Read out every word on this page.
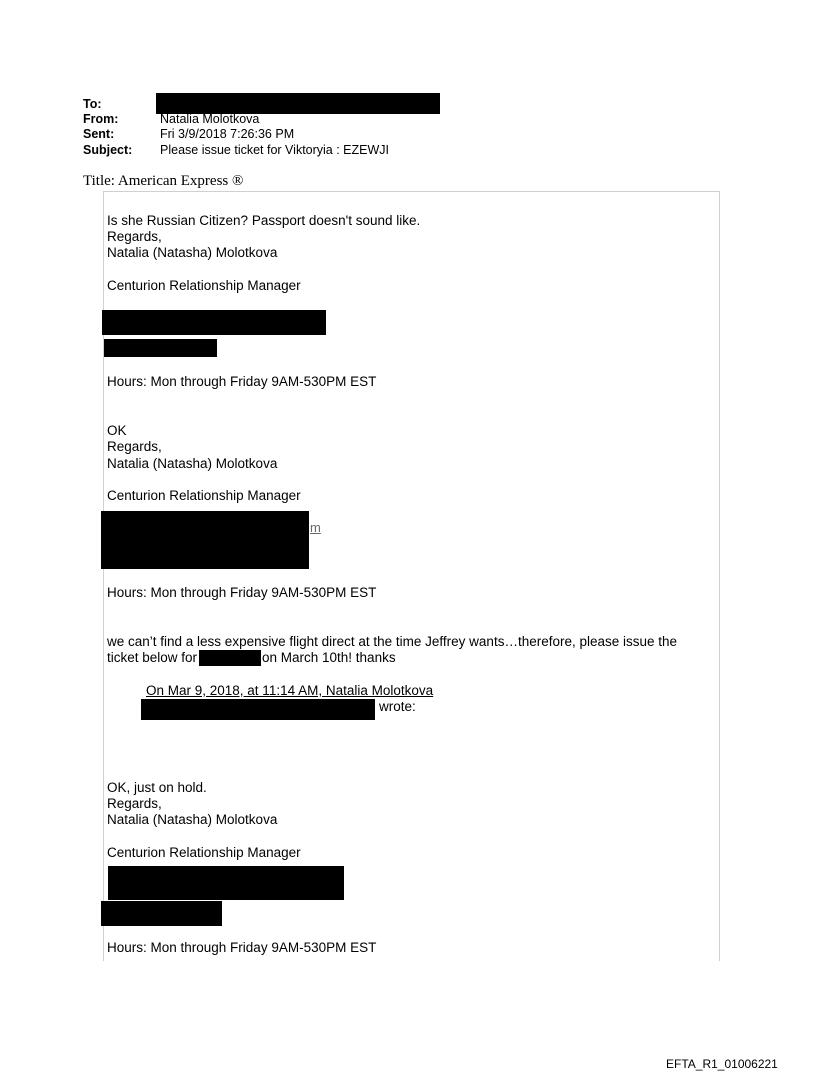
To:
From:	Natalia Molotkova
Sent:	Fri 3/9/2018 7:26:36 PM
Subject: Please issue ticket for Viktoryia : EZEWJI
Title: American Express ®
Is she Russian Citizen? Passport doesn't sound like.
Regards,
Natalia (Natasha) Molotkova
Centurion Relationship Manager
Hours: Mon through Friday 9AM-530PM EST
OK
Regards,
Natalia (Natasha) Molotkova
Centurion Relationship Manager
m
Hours: Mon through Friday 9AM-530PM EST
we can’t find a less expensive flight direct at the time Jeffrey wants…therefore, please issue the
ticket below for	on March 10th! thanks
On Mar 9, 2018, at 11:14 AM, Natalia Molotkova
wrote:
OK, just on hold.
Regards,
Natalia (Natasha) Molotkova
Centurion Relationship Manager
Hours: Mon through Friday 9AM-530PM EST
EFTA_R1_01006221
